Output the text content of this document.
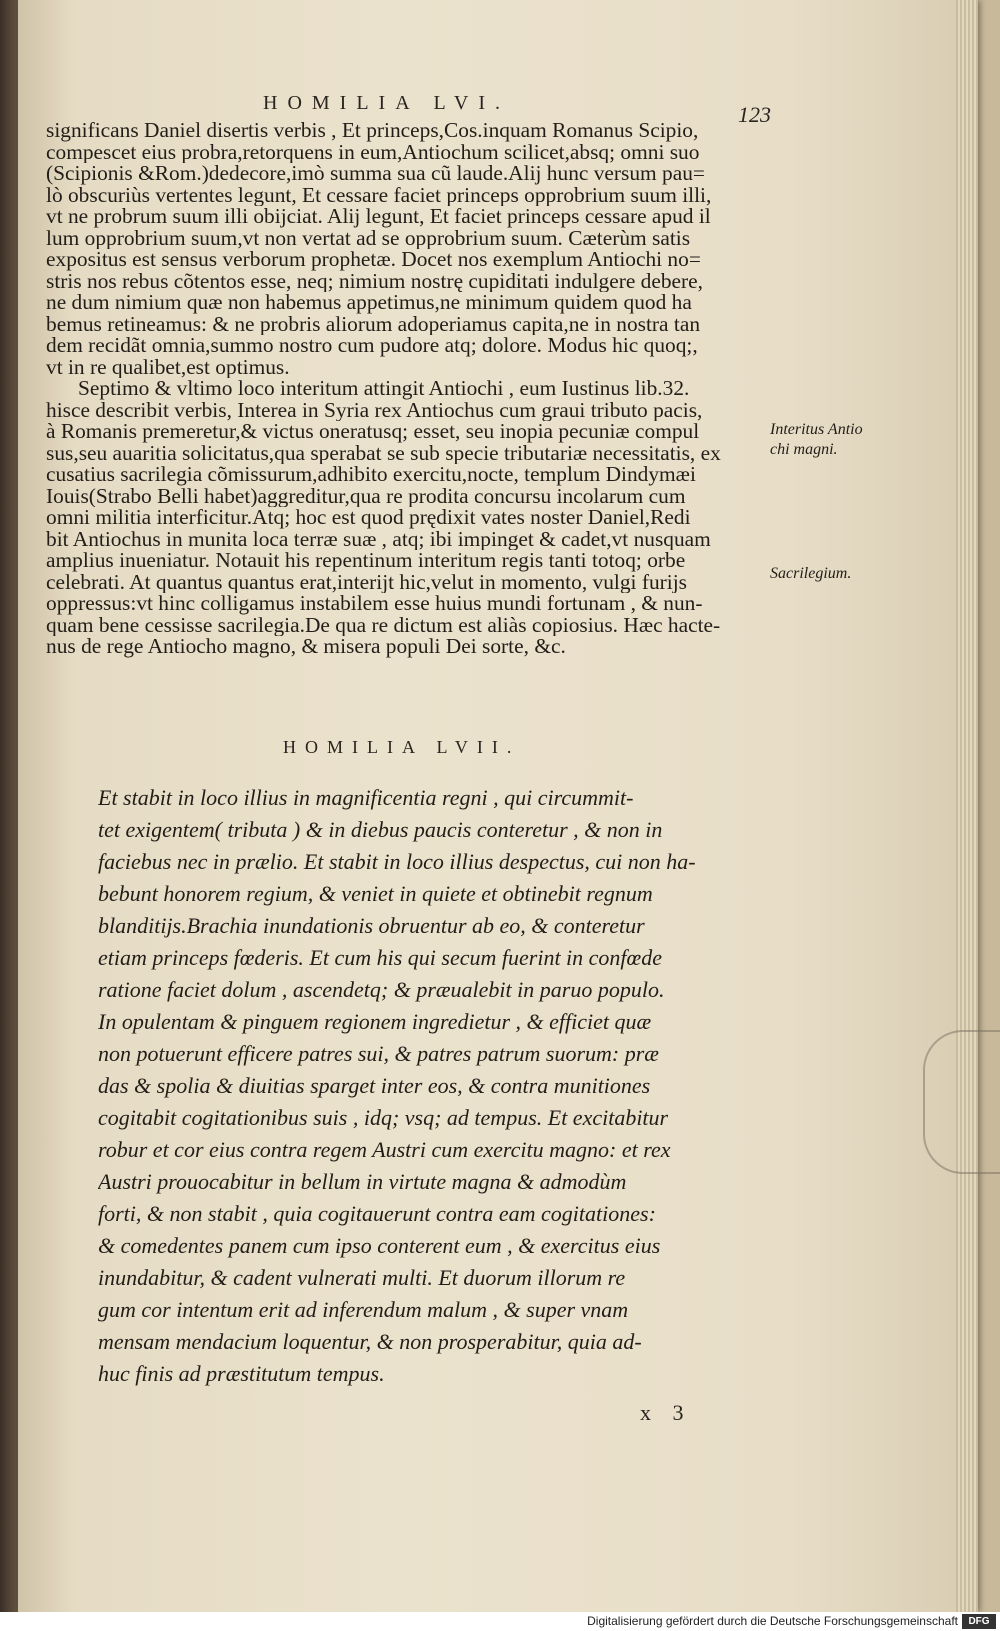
HOMILIA LVI.	123
significans Daniel disertis verbis , Et princeps,Cos.inquam Romanus Scipio,
compescet eius probra,retorquens in eum,Antiochum scilicet,absq; omni suo
(Scipionis &Rom.)dedecore,imò summa sua cũ laude.Alij hunc versum pau=
lò obscuriùs vertentes legunt, Et cessare faciet princeps opprobrium suum illi,
vt ne probrum suum illi obijciat. Alij legunt, Et faciet princeps cessare apud il
lum opprobrium suum,vt non vertat ad se opprobrium suum. Cæterùm satis
expositus est sensus verborum prophetæ. Docet nos exemplum Antiochi no=
stris nos rebus cõtentos esse, neq; nimium nostrę cupiditati indulgere debere,
ne dum nimium quæ non habemus appetimus,ne minimum quidem quod ha
bemus retineamus: & ne probris aliorum adoperiamus capita,ne in nostra tan
dem recidãt omnia,summo nostro cum pudore atq; dolore. Modus hic quoq;,
vt in re qualibet,est optimus.
Septimo & vltimo loco interitum attingit Antiochi , eum Iustinus lib.32.
hisce describit verbis, Interea in Syria rex Antiochus cum graui tributo pacis,
à Romanis premeretur,& victus oneratusq; esset, seu inopia pecuniæ compul
sus,seu auaritia solicitatus,qua sperabat se sub specie tributariæ necessitatis, ex
cusatius sacrilegia cõmissurum,adhibito exercitu,nocte, templum Dindymæi
Iouis(Strabo Belli habet)aggreditur,qua re prodita concursu incolarum cum
omni militia interficitur.Atq; hoc est quod prędixit vates noster Daniel,Redi
bit Antiochus in munita loca terræ suæ , atq; ibi impinget & cadet,vt nusquam
amplius inueniatur. Notauit his repentinum interitum regis tanti totoq; orbe
celebrati. At quantus quantus erat,interijt hic,velut in momento, vulgi furijs
oppressus:vt hinc colligamus instabilem esse huius mundi fortunam , & nun-
quam bene cessisse sacrilegia.De qua re dictum est aliàs copiosius. Hæc hacte-
nus de rege Antiocho magno, & misera populi Dei sorte, &c.
Interitus Antio
chi magni.
Sacrilegium.
HOMILIA LVII.
Et stabit in loco illius in magnificentia regni , qui circummit-
tet exigentem( tributa ) & in diebus paucis conteretur , & non in
faciebus nec in prælio. Et stabit in loco illius despectus, cui non ha-
bebunt honorem regium, & veniet in quiete et obtinebit regnum
blanditijs.Brachia inundationis obruentur ab eo, & conteretur
etiam princeps fœderis. Et cum his qui secum fuerint in confœde
ratione faciet dolum , ascendetq; & præualebit in paruo populo.
In opulentam & pinguem regionem ingredietur , & efficiet quæ
non potuerunt efficere patres sui, & patres patrum suorum: præ
das & spolia & diuitias sparget inter eos, & contra munitiones
cogitabit cogitationibus suis , idq; vsq; ad tempus. Et excitabitur
robur et cor eius contra regem Austri cum exercitu magno: et rex
Austri prouocabitur in bellum in virtute magna & admodùm
forti, & non stabit , quia cogitauerunt contra eam cogitationes:
& comedentes panem cum ipso conterent eum , & exercitus eius
inundabitur, & cadent vulnerati multi. Et duorum illorum re
gum cor intentum erit ad inferendum malum , & super vnam
mensam mendacium loquentur, & non prosperabitur, quia ad-
huc finis ad præstitutum tempus.
x 3
Digitalisierung gefördert durch die Deutsche Forschungsgemeinschaft	DFG
